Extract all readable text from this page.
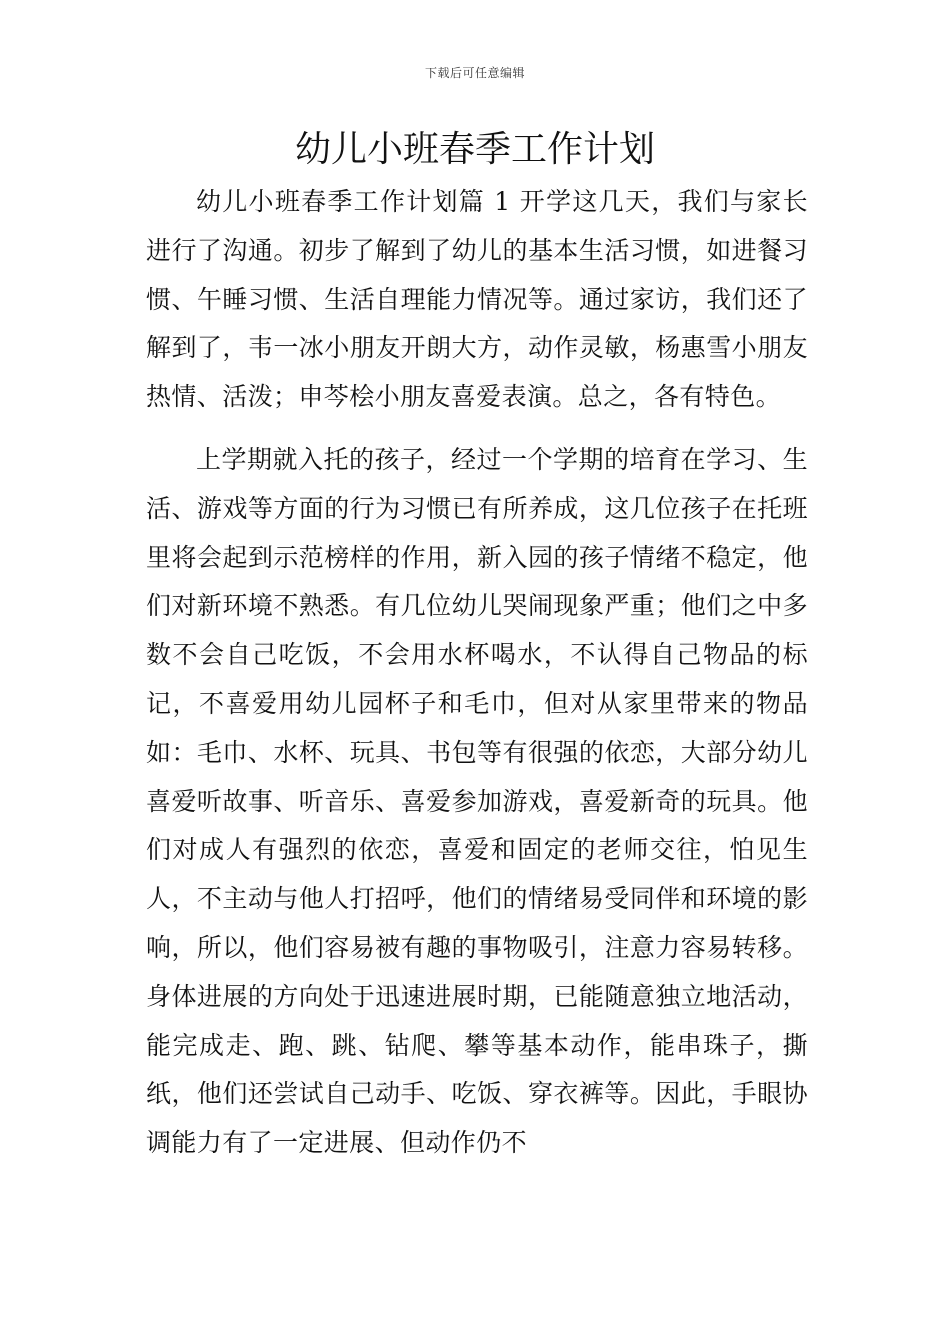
下载后可任意编辑
幼儿小班春季工作计划

幼儿小班春季工作计划篇 1 开学这几天，我们与家长进行了沟通。初步了解到了幼儿的基本生活习惯，如进餐习惯、午睡习惯、生活自理能力情况等。通过家访，我们还了解到了，韦一冰小朋友开朗大方，动作灵敏，杨惠雪小朋友热情、活泼；申芩桧小朋友喜爱表演。总之，各有特色。

上学期就入托的孩子，经过一个学期的培育在学习、生活、游戏等方面的行为习惯已有所养成，这几位孩子在托班里将会起到示范榜样的作用，新入园的孩子情绪不稳定，他们对新环境不熟悉。有几位幼儿哭闹现象严重；他们之中多数不会自己吃饭，不会用水杯喝水，不认得自己物品的标记，不喜爱用幼儿园杯子和毛巾，但对从家里带来的物品如：毛巾、水杯、玩具、书包等有很强的依恋，大部分幼儿喜爱听故事、听音乐、喜爱参加游戏，喜爱新奇的玩具。他们对成人有强烈的依恋，喜爱和固定的老师交往，怕见生人，不主动与他人打招呼，他们的情绪易受同伴和环境的影响，所以，他们容易被有趣的事物吸引，注意力容易转移。身体进展的方向处于迅速进展时期，已能随意独立地活动，能完成走、跑、跳、钻爬、攀等基本动作，能串珠子，撕纸，他们还尝试自己动手、吃饭、穿衣裤等。因此，手眼协调能力有了一定进展、但动作仍不
